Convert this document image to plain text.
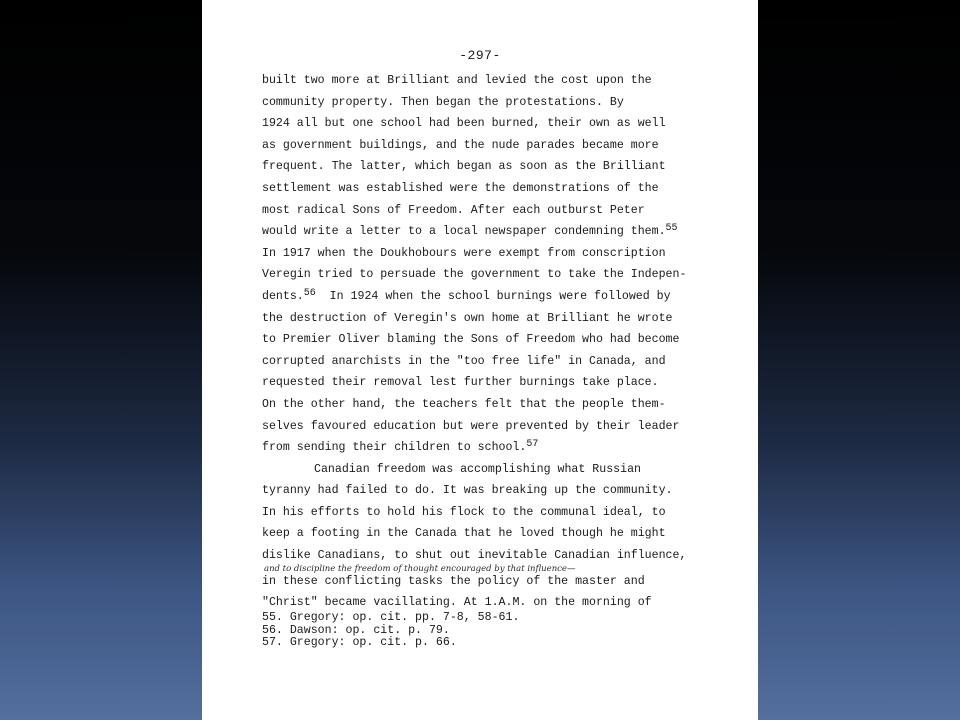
-297-
built two more at Brilliant and levied the cost upon the
community property. Then began the protestations. By
1924 all but one school had been burned, their own as well
as government buildings, and the nude parades became more
frequent. The latter, which began as soon as the Brilliant
settlement was established were the demonstrations of the
most radical Sons of Freedom. After each outburst Peter
would write a letter to a local newspaper condemning them.$^{55}$
In 1917 when the Doukhobours were exempt from conscription
Veregin tried to persuade the government to take the Indepen-
dents.$^{56}$  In 1924 when the school burnings were followed by
the destruction of Veregin's own home at Brilliant he wrote
to Premier Oliver blaming the Sons of Freedom who had become
corrupted anarchists in the "too free life" in Canada, and
requested their removal lest further burnings take place.
On the other hand, the teachers felt that the people them-
selves favoured education but were prevented by their leader
from sending their children to school.$^{57}$
Canadian freedom was accomplishing what Russian
tyranny had failed to do. It was breaking up the community.
In his efforts to hold his flock to the communal ideal, to
keep a footing in the Canada that he loved though he might
dislike Canadians, to shut out inevitable Canadian influence,
and to discipline the freedom of thought encouraged by that influence—
in these conflicting tasks the policy of the master and
"Christ" became vacillating. At 1.A.M. on the morning of
55. Gregory: op. cit. pp. 7-8, 58-61.
56. Dawson: op. cit. p. 79.
57. Gregory: op. cit. p. 66.
